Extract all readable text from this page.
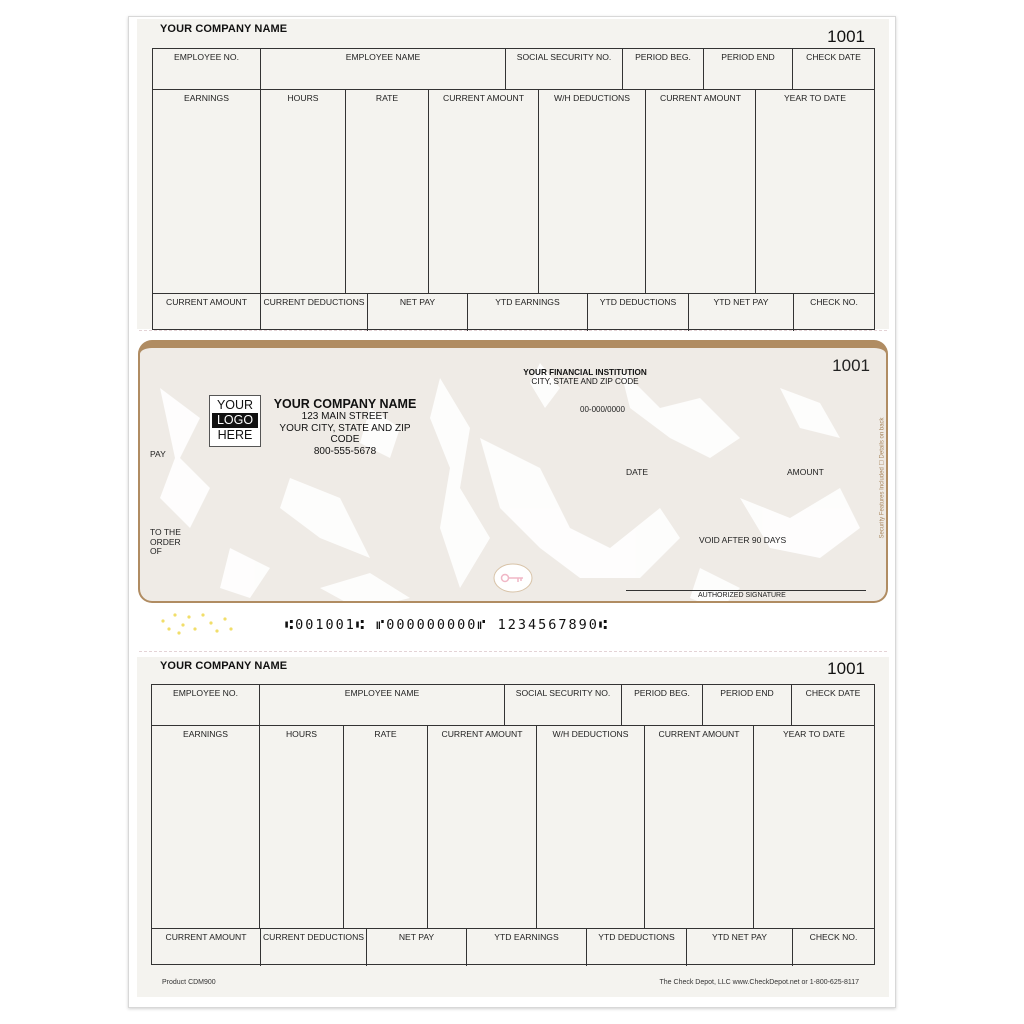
YOUR COMPANY NAME	1001
EMPLOYEE NO.	EMPLOYEE NAME	SOCIAL SECURITY NO.	PERIOD BEG.	PERIOD END	CHECK DATE
EARNINGS	HOURS	RATE	CURRENT AMOUNT	W/H DEDUCTIONS	CURRENT AMOUNT	YEAR TO DATE
CURRENT AMOUNT	CURRENT DEDUCTIONS	NET PAY	YTD EARNINGS	YTD DEDUCTIONS	YTD NET PAY	CHECK NO.
THE FACE OF THIS DOCUMENT HAS A COLORED BACKGROUND ON WHITE PAPER
1001
YOUR
LOGO
HERE
YOUR COMPANY NAME
123 MAIN STREET
YOUR CITY, STATE AND ZIP CODE
800-555-5678
YOUR FINANCIAL INSTITUTION
CITY, STATE AND ZIP CODE
00-000/0000
PAY
DATE	AMOUNT
TO THE
ORDER
OF
VOID AFTER 90 DAYS
AUTHORIZED SIGNATURE
Security Features Included ☐ Details on back
⑆001001⑆ ⑈000000000⑈ 1234567890⑆
YOUR COMPANY NAME	1001
EMPLOYEE NO.	EMPLOYEE NAME	SOCIAL SECURITY NO.	PERIOD BEG.	PERIOD END	CHECK DATE
EARNINGS	HOURS	RATE	CURRENT AMOUNT	W/H DEDUCTIONS	CURRENT AMOUNT	YEAR TO DATE
CURRENT AMOUNT	CURRENT DEDUCTIONS	NET PAY	YTD EARNINGS	YTD DEDUCTIONS	YTD NET PAY	CHECK NO.
Product CDM900	The Check Depot, LLC www.CheckDepot.net or 1-800-625-8117
